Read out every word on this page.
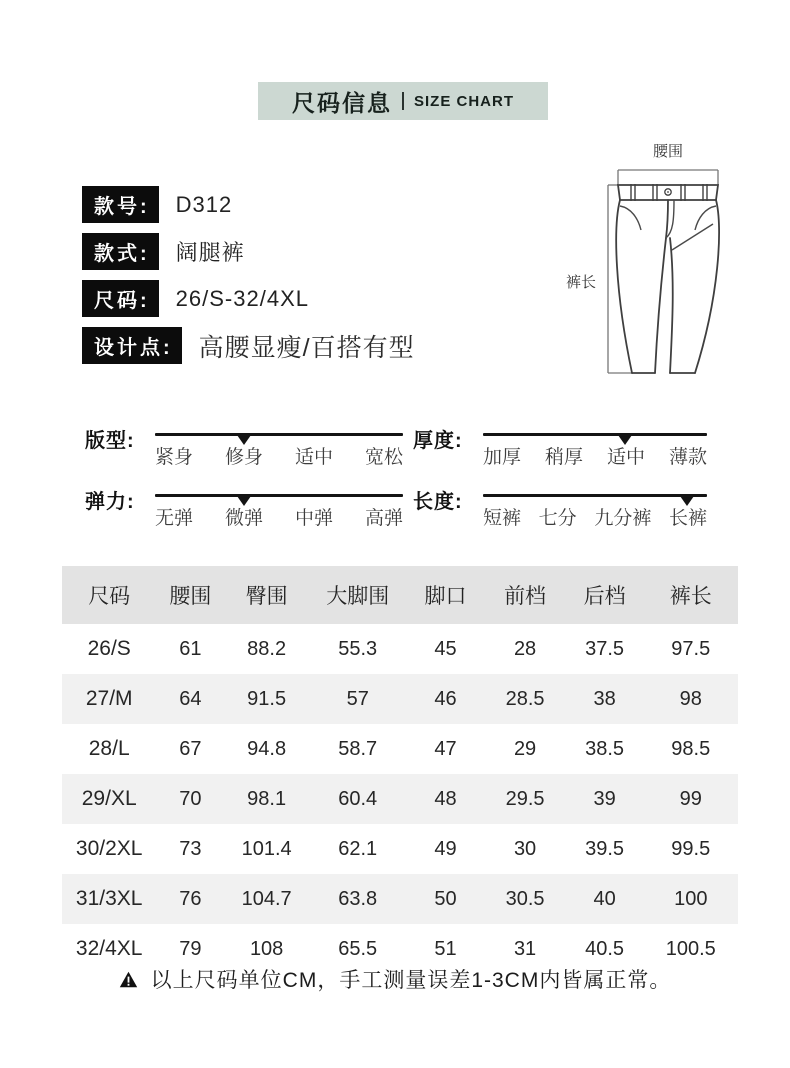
尺码信息 SIZE CHART
款号:	D312
款式:	阔腿裤
尺码:	26/S-32/4XL
设计点:	高腰显瘦/百搭有型
腰围
裤长
版型:
紧身 修身 适中 宽松
弹力:
无弹 微弹 中弹 高弹
厚度:
加厚 稍厚 适中 薄款
长度:
短裤 七分 九分裤 长裤
尺码	腰围	臀围	大脚围	脚口	前档	后档	裤长
26/S	61	88.2	55.3	45	28	37.5	97.5
27/M	64	91.5	57	46	28.5	38	98
28/L	67	94.8	58.7	47	29	38.5	98.5
29/XL	70	98.1	60.4	48	29.5	39	99
30/2XL	73	101.4	62.1	49	30	39.5	99.5
31/3XL	76	104.7	63.8	50	30.5	40	100
32/4XL	79	108	65.5	51	31	40.5	100.5
以上尺码单位CM，手工测量误差1-3CM内皆属正常。
